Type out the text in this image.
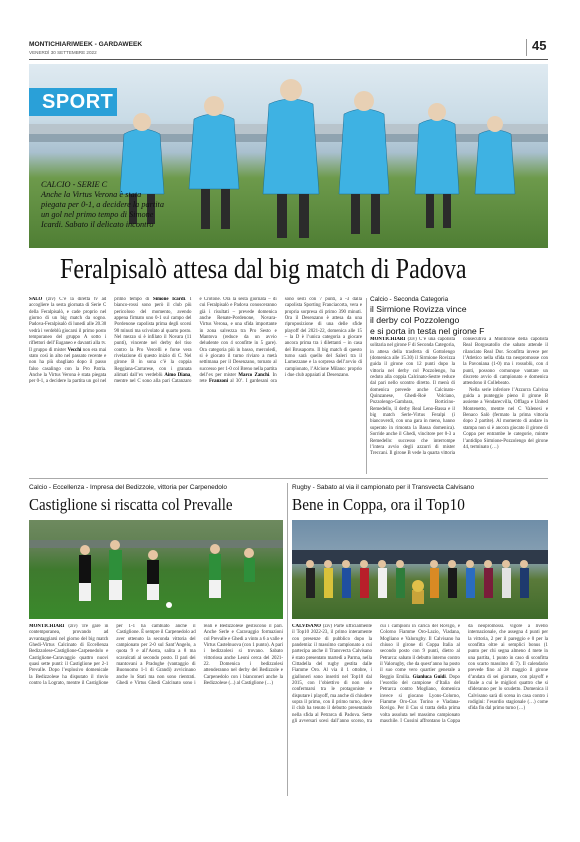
MONTICHIARIWEEK - GARDAWEEK
VENERDÌ 30 SETTEMBRE 2022	45
SPORT
CALCIO - SERIE C
Anche la Virtus Verona è stata piegata per 0-1, a decidere la partita un gol nel primo tempo di Simone Icardi. Sabato il delicato incontro
Feralpisalò attesa dal big match di Padova

SALÒ (ziv) C’è la diretta tv ad accogliere la sesta giornata di Serie C della Feralpisalò, e cade proprio nel giorno di un big match da sogno. Padova-Feralpisalò di lunedì alle 20.30 vedrà i verdeblù giocarsi il primo posto temporaneo del gruppo A sotto i riflettori dell’Euganeo e davanti alla tv. Il gruppo di mister Vecchi non era mai stato così in alto nel passato recente e non ha più sbagliato dopo il passo falso casalingo con la Pro Patria. Anche la Virtus Verona è stata piegata per 0-1, a decidere la partita un gol nel primo tempo di Simone Icardi. I bianco-rossi sono però il club più pericoloso del momento, avendo appena firmato uno 0-1 sul campo del Pordenone capolista prima degli scorsi 90 minuti ma scivolato al quarto posto. Nel mezzo si è infilato il Novara (11 punti), vincente nel derby del tiso contro la Pro Vercelli e forse vera rivelazione di questo inizio di C. Nel girone B in sona c’è la coppia Reggiana-Carrarese, con i granata alimati dall’ex verdeblù Aimo Diana, mentre nel C sono alla pari Catanzaro e Crotone. Ora la sesta giornata – di cui Feralpisalò e Padova conosceranno già i risultati – prevede domenica anche Renate-Pordenone, Novara-Virtus Verona, e una sfida importante in zona salvezza tra Pro Sesto e Mantova (reduce da un avvio deludente con 4 sconfitte in 5 gare). Ora categoria più in basso, mercoledì, si è giocato il turno riviaro a metà settimana per il Desenzano, tornato al successo per 1-0 col Breno nella partita dell’ex per mister Marco Zanchi. In rete Franzoni al 30’. I gardesani ora sono sesti con 7 punti, a -3 dalla capolista Sporting Franciacorta, vera e propria sorpresa di primo 390 minuti. Ora il Desenzano è attesa da una riproposizione di una delle sfide playoff del 2021-22, domenica alle 15 – la D è l’unica categoria a giocare ancora prima tra i dilettanti – in casa del Brusaporto. Il big match di questo turno sarà quello del Saleri tra il Lumezzane e la sorpresa dell’avvio di campionato, l’Alcione Milano: proprio i due club appaiati al Desenzano.

Calcio - Seconda Categoria
il Sirmione Rovizza vince
il derby col Pozzolengo
e si porta in testa nel girone F

MONTICHIARI (ziv) C’è una capolista solitaria nel girone F di Seconda Categoria, in attesa della trasferta di Gottolengo (domenica alle 15.30) il Sirmione Rovizza guida il girone con 12 punti dopo la vittoria nel derby col Pozzolengo, ha ceduto alla coppia Calcinato-Sestre reduce dal pari nello scontro diretto. Il menù di domenica prevede anche Calcinato-Quinzanese, Ghedi-Roè Volciano, Pozzolengo-Gambara, Borticino-Remedello, il derby Real Leno-Bassa e il big match Serle-Virtus Feralpi (i biancoverdi, con una gara in meno, hanno superato in rimonta la Bassa domenica). Sorride anche il Ghedi, vincitore per 0-3 a Remedello: successo che interrompe l’intera avvio degli azzurri di mister Treccani. Il girone B vede la quarta vittoria consecutiva a Montirone della capolista Real Borgosatollo che sabato attende il rilanciato Real Dor. Sconfitta invece per l’Atletico nella sfida tra neopromosse con la Pavoniana (1-0) ma i rossoblù, con 4 punti, possono comunque vantare un discreto avvio di campionato e domenica attendono il Collebeato.

Nella serie inferiore l’Azzurra Calvina guida a punteggio pieno il girone B assieme a Vendarecvilla, Offlaga e United Montenetto, mentre nel C Valenesi e Benaco Salò (fermato la prima vittoria dopo 2 partite). Al momento di andare in stampa non si è ancora giocato il girone di Coppa per entrambe le categorie, mintre l’antidipo Sirmione-Pozzolengo del girone 44, terminato (…)

Calcio - Eccellenza - Impresa del Bedizzole, vittoria per Carpenedolo
Castiglione si riscatta col Prevalle

MONTICHIARI (ziv) Tre gare in contemporanea, provando ad avvantaggiarsi nel giorno del big match Ghedi-Virtus Calcinato di Eccellenza Bedizzolese-Castiglione-Carpenedolo e Castiglione-Caravaggio quattro nuovi quasi sette punti: il Castiglione per 2-1 Prevalle. Dopo l’esplosivo domenicale la Bedizzolese ha disputato il rinvio contro la Lograto, mentre il Castiglione per 1-1 ha cambiato anche il Castiglione. È sempre il Carpenedolo ad aver ottenuto la seconda vittoria del campionato per 2-0 sul Sant’Angelo, a quota 9 e all’Aosta, salita a 8 ma scavalcati al secondo posto. Il pari dei mantovani a Pradoghe (vantaggio di Buonuomo 1-1 di Grandi) avvicinano anche lo Stati ma non sono rientrati. Ghedi e Virtus Ghedi Calcinato sono i reali e Bedizzolese gestiscono il pari. Anche Serle e Caravaggio formazioni col Prevalle e Ghedi a vinto a 6 a valle e Virtus Castelnuova (con 1 punto). A pari i bedizzolesi si trovano. Sabato vittoriosa anche Leoni cerca del 2021-22. Domenica i bedizzolesi attenderanno nel derby del Bedizzole e Carpenedolo con i bianconeri anche la Bedizzolese (...) al Castiglione (…)

Rugby - Sabato al via il campionato per il Transvecta Calvisano
Bene in Coppa, ora il Top10

CALVISANO (ziv) Parte ufficialmente il Top10 2022-23, il primo interamente con presenze di pubblico dopo la pandemia: il massimo campionato a cui partecipa anche il Transvecta Calvisano è stato presentato martedì a Parma, nella Cittadella del rugby gestita dalle Fiamme Oro. Al via il 1 ottobre, i gialloneri sono inseriti nel Top10 dal 2015, con l’obiettivo di non solo confermarsi tra le protagoniste e disputare i playoff, ma anche di chiudere sopra il primo, con il primo turno, dove il club ha tenuto il debutto presentando nella sfida al Petrarca di Padova. Sette gli avversari scesi dall’anno scorso, tra cui i campioni in carica del Rovigo, e Colorno Fiamme Oro-Lazio, Viadana, Mogliano e Valorugby. Il Calvisano ha chiuso il girone di Coppa Italia al secondo posto con 9 punti, dietro al Petrarca: sabato il debutto interno contro il Valorugby, che da quest’anno ha posto il suo come vero quartier generale a Reggio Emilia. Gianluca Guidi. Dopo l’esordio del campione d’Italia del Petrarca contro Mogliano, domenica invece si giocano Lyons-Colorno, Fiamme Oro-Cus Torino e Viadana-Rovigo. Per il Cus si tratta della prima volta assoluta nel massimo campionato maschile. I Cussini affrontano la Coppa da neopromossi. vigore a livello internazionale, che assegna 4 punti per la vittoria, 2 per il pareggio e 0 per la sconfitta oltre ai semplici bonus (1 punto per chi segna almeno 4 mete in una partita, 1 punto in caso di sconfitta con scarto massimo di 7). Il calendario prevede fino al 28 maggio il girone d’andata di sei giornate, con playoff e finale a cui le migliori quattro che si sfideranno per lo scudetto. Domenica il Calvisano sarà di scena in casa contro i rodigini: l’esordio stagionale (…) come sfida fin dal primo turno (…)
